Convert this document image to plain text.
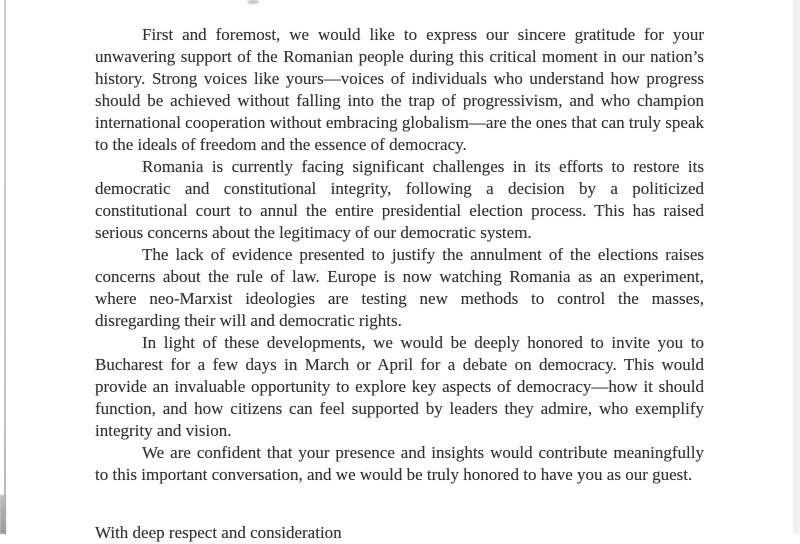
First and foremost, we would like to express our sincere gratitude for your unwavering support of the Romanian people during this critical moment in our nation’s history. Strong voices like yours—voices of individuals who understand how progress should be achieved without falling into the trap of progressivism, and who champion international cooperation without embracing globalism—are the ones that can truly speak to the ideals of freedom and the essence of democracy.

Romania is currently facing significant challenges in its efforts to restore its democratic and constitutional integrity, following a decision by a politicized constitutional court to annul the entire presidential election process. This has raised serious concerns about the legitimacy of our democratic system.

The lack of evidence presented to justify the annulment of the elections raises concerns about the rule of law. Europe is now watching Romania as an experiment, where neo-Marxist ideologies are testing new methods to control the masses, disregarding their will and democratic rights.

In light of these developments, we would be deeply honored to invite you to Bucharest for a few days in March or April for a debate on democracy. This would provide an invaluable opportunity to explore key aspects of democracy—how it should function, and how citizens can feel supported by leaders they admire, who exemplify integrity and vision.

We are confident that your presence and insights would contribute meaningfully to this important conversation, and we would be truly honored to have you as our guest.

With deep respect and consideration
